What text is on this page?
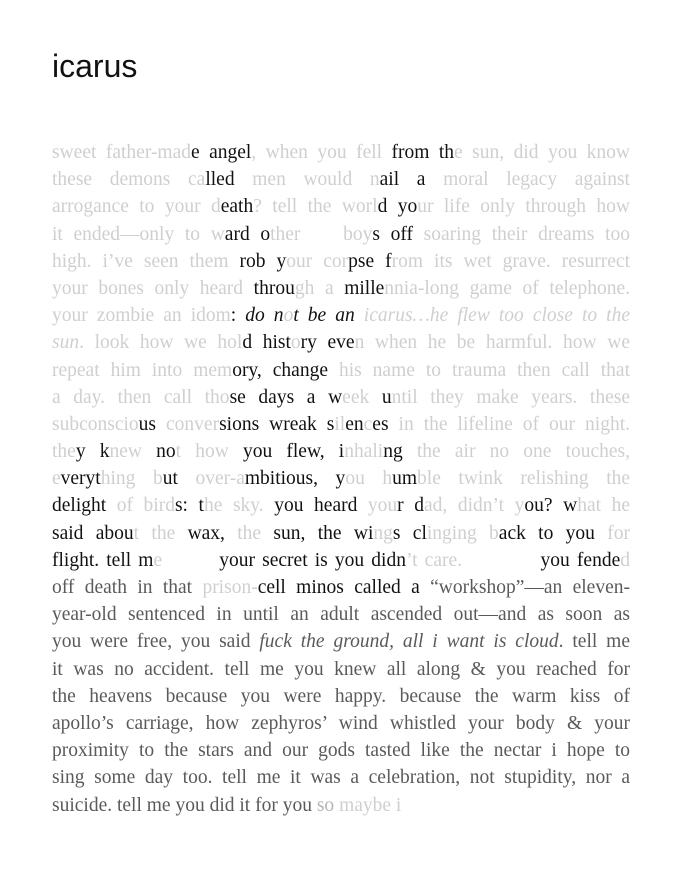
icarus
sweet father-made angel, when you fell from the sun, did you know
these demons called men would nail a moral legacy against
arrogance to your death? tell the world your life only through how
it ended—only to ward other    boys off soaring their dreams too
high. i’ve seen them rob your corpse from its wet grave. resurrect
your bones only heard through a millennia-long game of telephone.
your zombie an idom: do not be an icarus…he flew too close to the
sun. look how we hold history even when he be harmful. how we
repeat him into memory, change his name to trauma then call that
a day. then call those days a week until they make years. these
subconscious conversions wreak silences in the lifeline of our night.
they knew not how you flew, inhaling the air no one touches,
everything but over-ambitious, you humble twink relishing the
delight of birds: the sky. you heard your dad, didn’t you? what he
said about the wax, the sun, the wings clinging back to you for
flight. tell me        your secret is you didn’t care.           you fended
off death in that prison-cell minos called a “workshop”—an eleven-
year-old sentenced in until an adult ascended out—and as soon as
you were free, you said fuck the ground, all i want is cloud. tell me
it was no accident. tell me you knew all along & you reached for
the heavens because you were happy. because the warm kiss of
apollo’s carriage, how zephyros’ wind whistled your body & your
proximity to the stars and our gods tasted like the nectar i hope to
sing some day too. tell me it was a celebration, not stupidity, nor a
suicide. tell me you did it for you so maybe i
